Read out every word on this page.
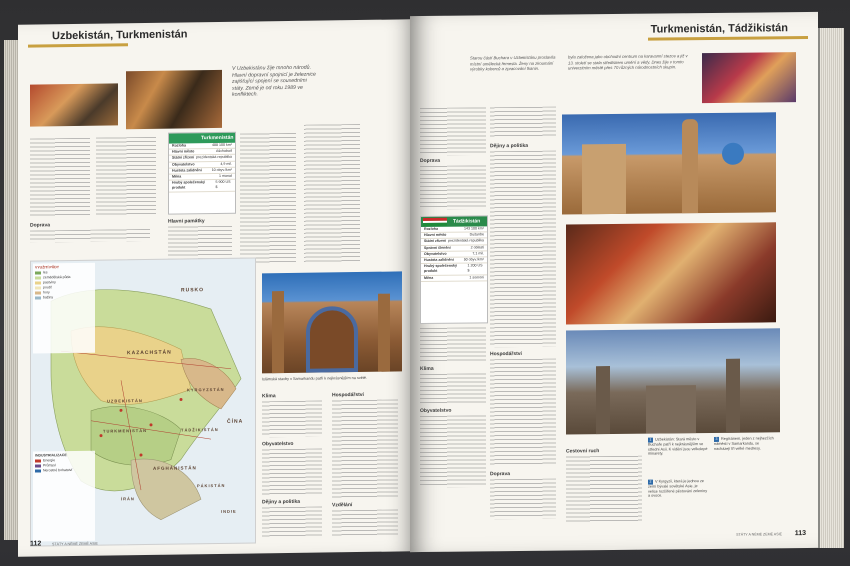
Uzbekistán, Turkmenistán
V Uzbekistánu žije mnoho národů. Hlavní dopravní spojnicí je železnice zajišťující spojení se sousedními státy. Země je od roku 1989 ve konfliktech.
Doprava
Turkmenistán
Rozloha	488 100 km²
Hlavní město	Ašchabad
Státní zřízení prezidentská republika
Obyvatelstvo	4,9 mil.
Hustota zalidnění	10 obyv./km²
Měna	1 manat
Hrubý společenský produkt
5 900 US $
Hlavní památky
Islámská stavby v Samarkandu patří k nejkrásnějším na světě.
Klima
Obyvatelstvo
Dějiny a politika
Hospodářství
Vzdělání
VYUŽITÍ PŮDY
les
zemědělská půda
pastviny
poušť
hory
bažiny
INDUSTRIALIZACE
Energie
Průmysl
Nerostné bohatství
RUSKO
KAZACHSTÁN
UZBEKISTÁN
TURKMENISTÁN
KYRGYZSTÁN
TÁDŽIKISTÁN
AFGHÁNISTÁN
ÍRÁN
ČÍNA
PÁKISTÁN
INDIE
112	STÁTY A NĚMĚ ZEMĚ ASIE
Turkmenistán, Tádžikistán
Starou částí Buchara v Uzbekistánu proslavila místní umělecká řemesla. Ženy na zkoumání výrobky koberců a zpracování tkanin.
byla založena jako obchodní centrum na karavanní stezce a již v 13. století se stala střediskem umění a vědy. Dnes žije v tomto univerzitním městě přes 70 různých národnostních skupin.
Doprava
Dějiny a politika
Tádžikistán
Rozloha	143 100 km²
Hlavní město	Dušanbe
Státní zřízení prezidentská republika
Správní členění	2 oblasti
Obyvatelstvo	7,1 mil.
Hustota zalidnění	50 obyv./km²
Hrubý společenský produkt
1 200 US $
Měna	1 somoni
Klima
Obyvatelstvo
Hospodářství
Doprava
Cestovní ruch
1 Uzbekistán: Stará město v Buchaře patří k nejkrásnějším ve střední Asii. K vidění jsou velkolepé minarety.
2 V Kyrgyzii, která je jednou ze zemí bývalé sovětské Asie, je velice rozšířené pěstování zeleniny a ovoce.
3 Regisánem, jeden z nejhezčích náměstí v Samarkandu, se nacházejí tři velké medresy.
STÁTY A NĚMĚ ZEMĚ ASIE 113
